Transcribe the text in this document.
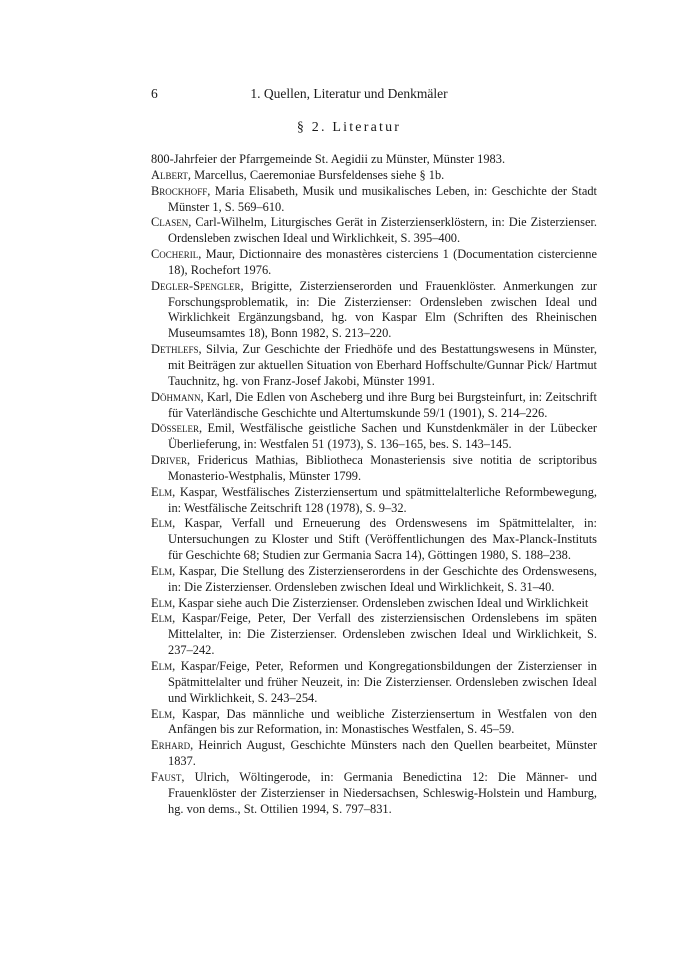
6	1. Quellen, Literatur und Denkmäler
§ 2. Literatur

800-Jahrfeier der Pfarrgemeinde St. Aegidii zu Münster, Münster 1983.

Albert, Marcellus, Caeremoniae Bursfeldenses siehe § 1b.

Brockhoff, Maria Elisabeth, Musik und musikalisches Leben, in: Geschichte der Stadt Münster 1, S. 569–610.

Clasen, Carl-Wilhelm, Liturgisches Gerät in Zisterzienserklöstern, in: Die Zisterzienser. Ordensleben zwischen Ideal und Wirklichkeit, S. 395–400.

Cocheril, Maur, Dictionnaire des monastères cisterciens 1 (Documentation cistercienne 18), Rochefort 1976.

Degler-Spengler, Brigitte, Zisterzienserorden und Frauenklöster. Anmerkungen zur Forschungsproblematik, in: Die Zisterzienser: Ordensleben zwischen Ideal und Wirklichkeit Ergänzungsband, hg. von Kaspar Elm (Schriften des Rheinischen Museumsamtes 18), Bonn 1982, S. 213–220.

Dethlefs, Silvia, Zur Geschichte der Friedhöfe und des Bestattungswesens in Münster, mit Beiträgen zur aktuellen Situation von Eberhard Hoffschulte/Gunnar Pick/ Hartmut Tauchnitz, hg. von Franz-Josef Jakobi, Münster 1991.

Döhmann, Karl, Die Edlen von Ascheberg und ihre Burg bei Burgsteinfurt, in: Zeitschrift für Vaterländische Geschichte und Altertumskunde 59/1 (1901), S. 214–226.

Dösseler, Emil, Westfälische geistliche Sachen und Kunstdenkmäler in der Lübecker Überlieferung, in: Westfalen 51 (1973), S. 136–165, bes. S. 143–145.

Driver, Fridericus Mathias, Bibliotheca Monasteriensis sive notitia de scriptoribus Monasterio-Westphalis, Münster 1799.

Elm, Kaspar, Westfälisches Zisterziensertum und spätmittelalterliche Reformbewegung, in: Westfälische Zeitschrift 128 (1978), S. 9–32.

Elm, Kaspar, Verfall und Erneuerung des Ordenswesens im Spätmittelalter, in: Untersuchungen zu Kloster und Stift (Veröffentlichungen des Max-Planck-Instituts für Geschichte 68; Studien zur Germania Sacra 14), Göttingen 1980, S. 188–238.

Elm, Kaspar, Die Stellung des Zisterzienserordens in der Geschichte des Ordenswesens, in: Die Zisterzienser. Ordensleben zwischen Ideal und Wirklichkeit, S. 31–40.

Elm, Kaspar siehe auch Die Zisterzienser. Ordensleben zwischen Ideal und Wirklichkeit

Elm, Kaspar/Feige, Peter, Der Verfall des zisterziensischen Ordenslebens im späten Mittelalter, in: Die Zisterzienser. Ordensleben zwischen Ideal und Wirklichkeit, S. 237–242.

Elm, Kaspar/Feige, Peter, Reformen und Kongregationsbildungen der Zisterzienser in Spätmittelalter und früher Neuzeit, in: Die Zisterzienser. Ordensleben zwischen Ideal und Wirklichkeit, S. 243–254.

Elm, Kaspar, Das männliche und weibliche Zisterziensertum in Westfalen von den Anfängen bis zur Reformation, in: Monastisches Westfalen, S. 45–59.

Erhard, Heinrich August, Geschichte Münsters nach den Quellen bearbeitet, Münster 1837.

Faust, Ulrich, Wöltingerode, in: Germania Benedictina 12: Die Männer- und Frauenklöster der Zisterzienser in Niedersachsen, Schleswig-Holstein und Hamburg, hg. von dems., St. Ottilien 1994, S. 797–831.
